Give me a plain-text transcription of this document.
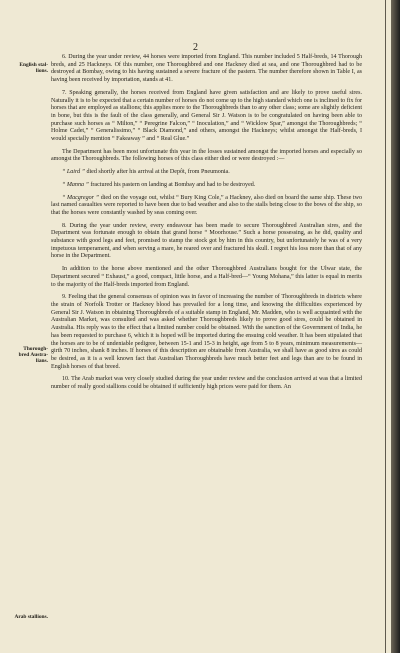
2
English stal-
lions.
Thorough-
bred Austra-
lians.
Arab stallions.

6. During the year under review, 44 horses were imported from England. This number included 5 Half-breds, 14 Thorough breds, and 25 Hackneys. Of this number, one Thoroughbred and one Hackney died at sea, and one Thoroughbred had to be destroyed at Bombay, owing to his having sustained a severe fracture of the pastern. The number therefore shown in Table I, as having been received by importation, stands at 41.

7. Speaking generally, the horses received from England have given satisfaction and are likely to prove useful sires. Naturally it is to be expected that a certain number of horses do not come up to the high standard which one is inclined to fix for horses that are employed as stallions; this applies more to the Thoroughbreds than to any other class; some are slightly deficient in bone, but this is the fault of the class generally, and General Sir J. Watson is to be congratulated on having been able to purchase such horses as “ Milton,” “ Peregrine Falcon,” “ Inoculation,” and “ Wicklow Spar,” amongst the Thoroughbreds; “ Holme Cadet,” “ Generalissimo,” “ Black Diamond,” and others, amongst the Hackneys; whilst amongst the Half-breds, I would specially mention “ Fakeaway ” and “ Real Glue.”

The Department has been most unfortunate this year in the losses sustained amongst the imported horses and especially so amongst the Thoroughbreds. The following horses of this class either died or were destroyed :—

“ Laird ” died shortly after his arrival at the Depôt, from Pneumonia.

“ Manna ” fractured his pastern on landing at Bombay and had to be destroyed.

“ Macgregor ” died on the voyage out, whilst “ Bury King Cole,” a Hackney, also died on board the same ship. These two last named casualties were reported to have been due to bad weather and also to the stalls being close to the bows of the ship, so that the horses were constantly washed by seas coming over.

8. During the year under review, every endeavour has been made to secure Thoroughbred Australian sires, and the Department was fortunate enough to obtain that grand horse “ Moorhouse.” Such a horse possessing, as he did, quality and substance with good legs and feet, promised to stamp the stock got by him in this country, but unfortunately he was of a very impetuous temperament, and when serving a mare, he reared over and fractured his skull. I regret his loss more than that of any horse in the Department.

In addition to the horse above mentioned and the other Thoroughbred Australians bought for the Ulwar state, the Department secured “ Exhaust,” a good, compact, little horse, and a Half-bred—“ Young Mohana,” this latter is equal in merits to the majority of the Half-breds imported from England.

9. Feeling that the general consensus of opinion was in favor of increasing the number of Thoroughbreds in districts where the strain of Norfolk Trotter or Hackney blood has prevailed for a long time, and knowing the difficulties experienced by General Sir J. Watson in obtaining Thoroughbreds of a suitable stamp in England, Mr. Madden, who is well acquainted with the Australian Market, was consulted and was asked whether Thoroughbreds likely to prove good sires, could be obtained in Australia. His reply was to the effect that a limited number could be obtained. With the sanction of the Government of India, he has been requested to purchase 6, which it is hoped will be imported during the ensuing cold weather. It has been stipulated that the horses are to be of undeniable pedigree, between 15-1 and 15-3 in height, age from 5 to 8 years, minimum measurements—girth 70 inches, shank 8 inches. If horses of this description are obtainable from Australia, we shall have as good sires as could be desired, as it is a well known fact that Australian Thoroughbreds have much better feet and legs than are to be found in English horses of that breed.

10. The Arab market was very closely studied during the year under review and the conclusion arrived at was that a limited number of really good stallions could be obtained if sufficiently high prices were paid for them. An
